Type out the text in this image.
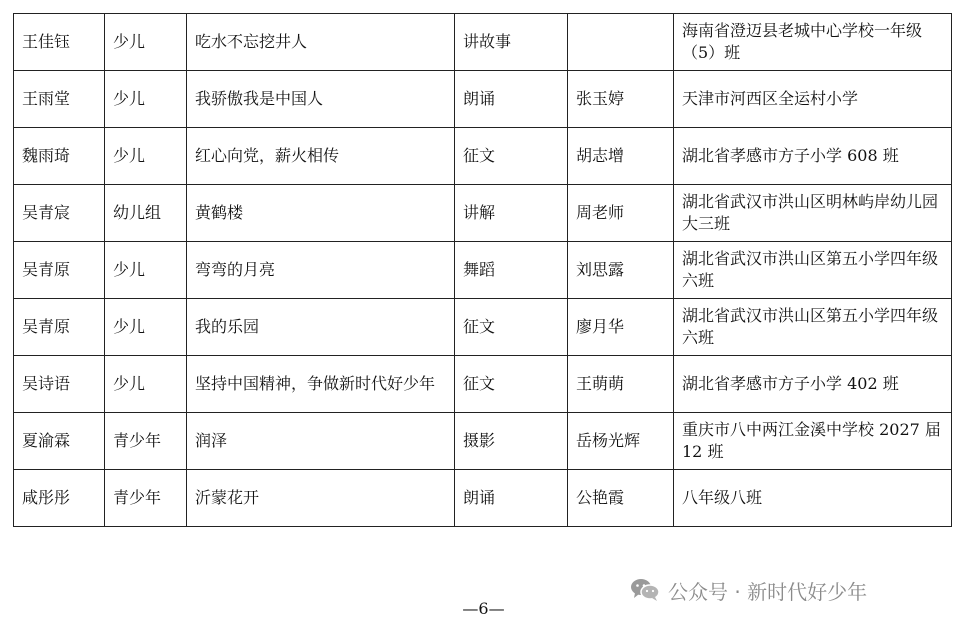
王佳钰	少儿	吃水不忘挖井人	讲故事		海南省澄迈县老城中心学校一年级（5）班
王雨堂	少儿	我骄傲我是中国人	朗诵	张玉婷	天津市河西区全运村小学
魏雨琦	少儿	红心向党，薪火相传	征文	胡志增	湖北省孝感市方子小学 608 班
吴青宸	幼儿组	黄鹤楼	讲解	周老师	湖北省武汉市洪山区明林屿岸幼儿园大三班
吴青原	少儿	弯弯的月亮	舞蹈	刘思露	湖北省武汉市洪山区第五小学四年级六班
吴青原	少儿	我的乐园	征文	廖月华	湖北省武汉市洪山区第五小学四年级六班
吴诗语	少儿	坚持中国精神，争做新时代好少年	征文	王萌萌	湖北省孝感市方子小学 402 班
夏渝霖	青少年	润泽	摄影	岳杨光辉	重庆市八中两江金溪中学校 2027 届 12 班
咸彤彤	青少年	沂蒙花开	朗诵	公艳霞	八年级八班
公众号 · 新时代好少年
—6—
